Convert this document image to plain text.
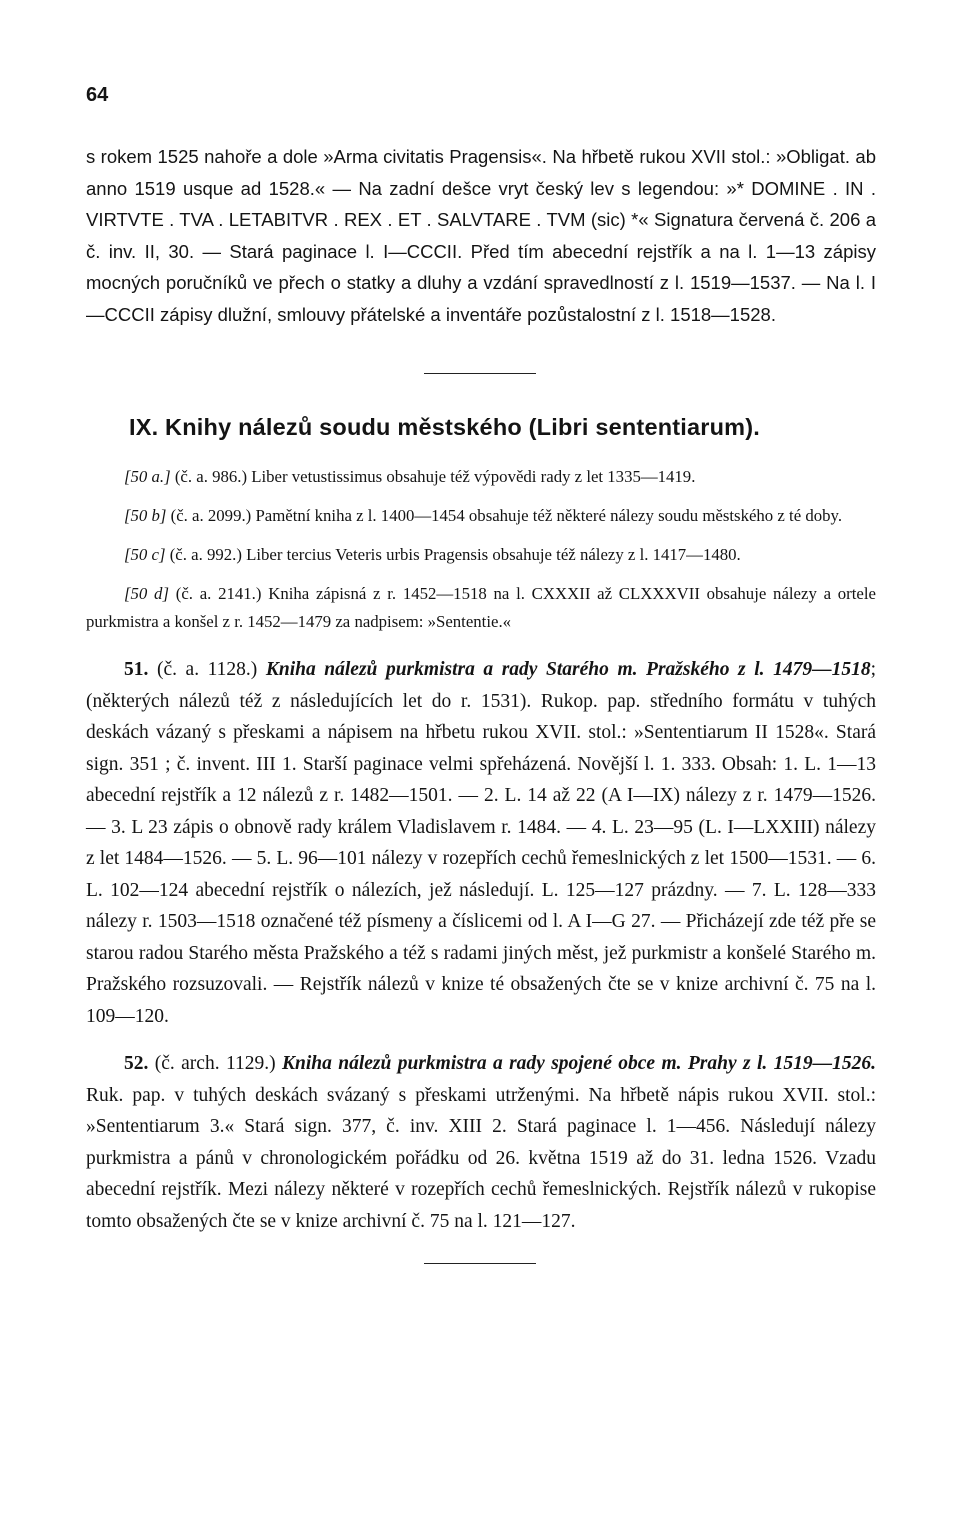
64

s rokem 1525 nahoře a dole »Arma civitatis Pragensis«. Na hřbetě rukou XVII stol.: »Obligat. ab anno 1519 usque ad 1528.« — Na zadní dešce vryt český lev s legendou: »* DOMINE . IN . VIRTVTE . TVA . LETABITVR . REX . ET . SALVTARE . TVM (sic) *« Signatura červená č. 206 a č. inv. II, 30. — Stará paginace l. I—CCCII. Před tím abecední rejstřík a na l. 1—13 zápisy mocných poručníků ve přech o statky a dluhy a vzdání spravedlností z l. 1519—1537. — Na l. I—CCCII zápisy dlužní, smlouvy přátelské a inventáře pozůstalostní z l. 1518—1528.

IX. Knihy nálezů soudu městského (Libri sententiarum).

[50 a.] (č. a. 986.) Liber vetustissimus obsahuje též výpovědi rady z let 1335—1419.

[50 b] (č. a. 2099.) Pamětní kniha z l. 1400—1454 obsahuje též některé nálezy soudu městského z té doby.

[50 c] (č. a. 992.) Liber tercius Veteris urbis Pragensis obsahuje též nálezy z l. 1417—1480.

[50 d] (č. a. 2141.) Kniha zápisná z r. 1452—1518 na l. CXXXII až CLXXXVII obsahuje nálezy a ortele purkmistra a konšel z r. 1452—1479 za nadpisem: »Sententie.«

51. (č. a. 1128.) Kniha nálezů purkmistra a rady Starého m. Pražského z l. 1479—1518; (některých nálezů též z následujících let do r. 1531). Rukop. pap. středního formátu v tuhých deskách vázaný s přeskami a nápisem na hřbetu rukou XVII. stol.: »Sententiarum II 1528«. Stará sign. 351 ; č. invent. III 1. Starší paginace velmi spřeházená. Novější l. 1. 333. Obsah: 1. L. 1—13 abecední rejstřík a 12 nálezů z r. 1482—1501. — 2. L. 14 až 22 (A I—IX) nálezy z r. 1479—1526. — 3. L 23 zápis o obnově rady králem Vladislavem r. 1484. — 4. L. 23—95 (L. I—LXXIII) nálezy z let 1484—1526. — 5. L. 96—101 nálezy v rozepřích cechů řemeslnických z let 1500—1531. — 6. L. 102—124 abecední rejstřík o nálezích, jež následují. L. 125—127 prázdny. — 7. L. 128—333 nálezy r. 1503—1518 označené též písmeny a číslicemi od l. A I—G 27. — Přicházejí zde též pře se starou radou Starého města Pražského a též s radami jiných měst, jež purkmistr a konšelé Starého m. Pražského rozsuzovali. — Rejstřík nálezů v knize té obsažených čte se v knize archivní č. 75 na l. 109—120.

52. (č. arch. 1129.) Kniha nálezů purkmistra a rady spojené obce m. Prahy z l. 1519—1526. Ruk. pap. v tuhých deskách svázaný s přeskami utrženými. Na hřbetě nápis rukou XVII. stol.: »Sententiarum 3.« Stará sign. 377, č. inv. XIII 2. Stará paginace l. 1—456. Následují nálezy purkmistra a pánů v chronologickém pořádku od 26. května 1519 až do 31. ledna 1526. Vzadu abecední rejstřík. Mezi nálezy některé v rozepřích cechů řemeslnických. Rejstřík nálezů v rukopise tomto obsažených čte se v knize archivní č. 75 na l. 121—127.
